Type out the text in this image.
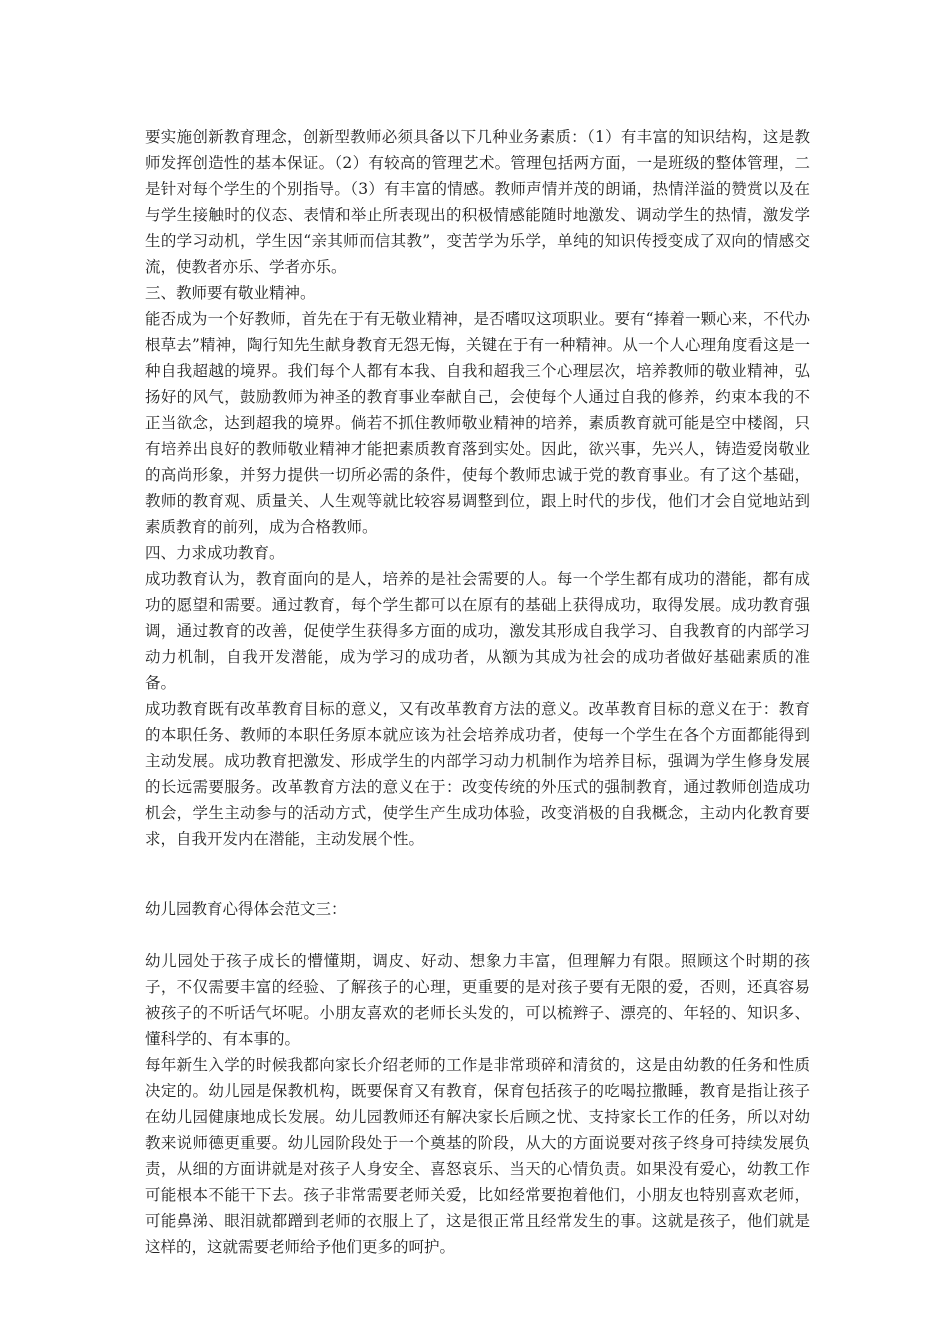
要实施创新教育理念，创新型教师必须具备以下几种业务素质：（1）有丰富的知识结构，这是教师发挥创造性的基本保证。（2）有较高的管理艺术。管理包括两方面，一是班级的整体管理，二是针对每个学生的个别指导。（3）有丰富的情感。教师声情并茂的朗诵，热情洋溢的赞赏以及在与学生接触时的仪态、表情和举止所表现出的积极情感能随时地激发、调动学生的热情，激发学生的学习动机，学生因“亲其师而信其教”，变苦学为乐学，单纯的知识传授变成了双向的情感交流，使教者亦乐、学者亦乐。

三、教师要有敬业精神。

能否成为一个好教师，首先在于有无敬业精神，是否嗜叹这项职业。要有“捧着一颗心来，不代办根草去”精神，陶行知先生献身教育无怨无悔，关键在于有一种精神。从一个人心理角度看这是一种自我超越的境界。我们每个人都有本我、自我和超我三个心理层次，培养教师的敬业精神，弘扬好的风气，鼓励教师为神圣的教育事业奉献自己，会使每个人通过自我的修养，约束本我的不正当欲念，达到超我的境界。倘若不抓住教师敬业精神的培养，素质教育就可能是空中楼阁，只有培养出良好的教师敬业精神才能把素质教育落到实处。因此，欲兴事，先兴人，铸造爱岗敬业的高尚形象，并努力提供一切所必需的条件，使每个教师忠诚于党的教育事业。有了这个基础，教师的教育观、质量关、人生观等就比较容易调整到位，跟上时代的步伐，他们才会自觉地站到素质教育的前列，成为合格教师。

四、力求成功教育。

成功教育认为，教育面向的是人，培养的是社会需要的人。每一个学生都有成功的潜能，都有成功的愿望和需要。通过教育，每个学生都可以在原有的基础上获得成功，取得发展。成功教育强调，通过教育的改善，促使学生获得多方面的成功，激发其形成自我学习、自我教育的内部学习动力机制，自我开发潜能，成为学习的成功者，从额为其成为社会的成功者做好基础素质的准备。

成功教育既有改革教育目标的意义，又有改革教育方法的意义。改革教育目标的意义在于：教育的本职任务、教师的本职任务原本就应该为社会培养成功者，使每一个学生在各个方面都能得到主动发展。成功教育把激发、形成学生的内部学习动力机制作为培养目标，强调为学生修身发展的长远需要服务。改革教育方法的意义在于：改变传统的外压式的强制教育，通过教师创造成功机会，学生主动参与的活动方式，使学生产生成功体验，改变消极的自我概念，主动内化教育要求，自我开发内在潜能，主动发展个性。

幼儿园教育心得体会范文三：

幼儿园处于孩子成长的懵懂期，调皮、好动、想象力丰富，但理解力有限。照顾这个时期的孩子，不仅需要丰富的经验、了解孩子的心理，更重要的是对孩子要有无限的爱，否则，还真容易被孩子的不听话气坏呢。小朋友喜欢的老师长头发的，可以梳辫子、漂亮的、年轻的、知识多、懂科学的、有本事的。

每年新生入学的时候我都向家长介绍老师的工作是非常琐碎和清贫的，这是由幼教的任务和性质决定的。幼儿园是保教机构，既要保育又有教育，保育包括孩子的吃喝拉撒睡，教育是指让孩子在幼儿园健康地成长发展。幼儿园教师还有解决家长后顾之忧、支持家长工作的任务，所以对幼教来说师德更重要。幼儿园阶段处于一个奠基的阶段，从大的方面说要对孩子终身可持续发展负责，从细的方面讲就是对孩子人身安全、喜怒哀乐、当天的心情负责。如果没有爱心，幼教工作可能根本不能干下去。孩子非常需要老师关爱，比如经常要抱着他们，小朋友也特别喜欢老师，可能鼻涕、眼泪就都蹭到老师的衣服上了，这是很正常且经常发生的事。这就是孩子，他们就是这样的，这就需要老师给予他们更多的呵护。
